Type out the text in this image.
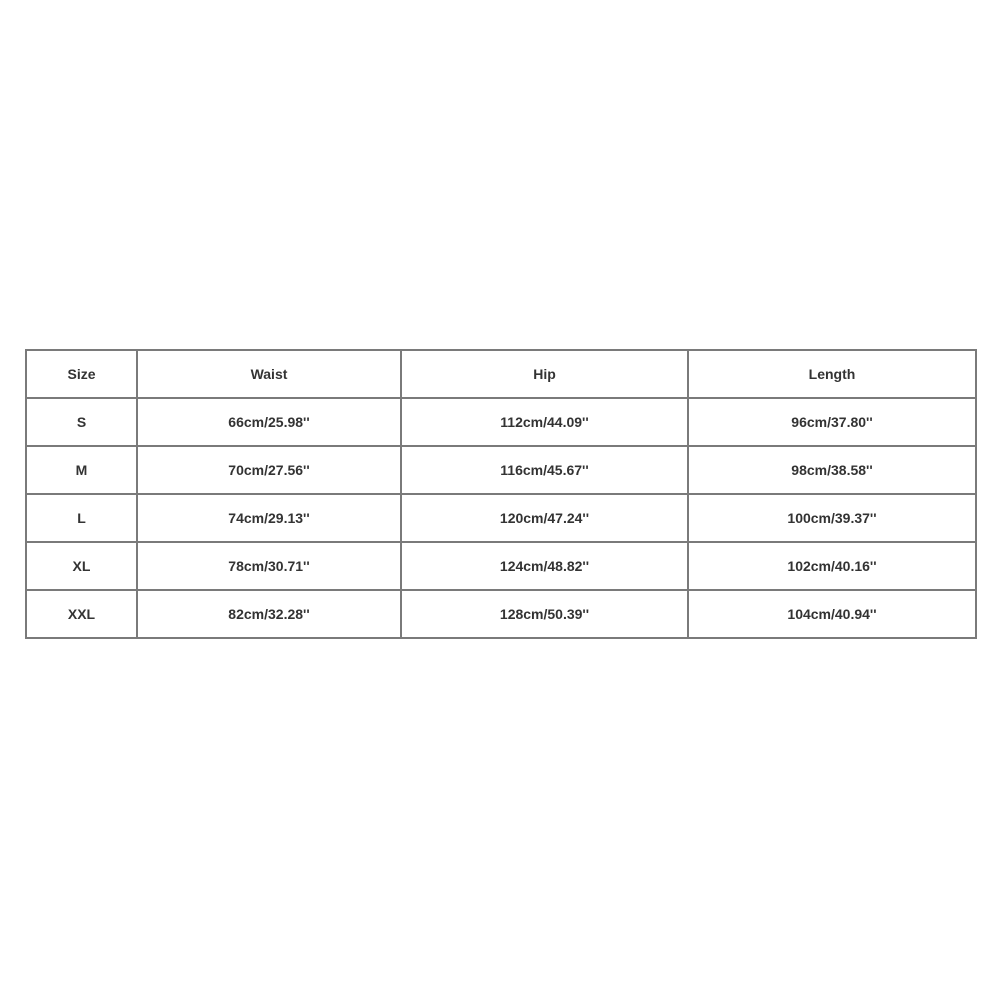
Size	Waist	Hip	Length
S	66cm/25.98''	112cm/44.09''	96cm/37.80''
M	70cm/27.56''	116cm/45.67''	98cm/38.58''
L	74cm/29.13''	120cm/47.24''	100cm/39.37''
XL	78cm/30.71''	124cm/48.82''	102cm/40.16''
XXL	82cm/32.28''	128cm/50.39''	104cm/40.94''
